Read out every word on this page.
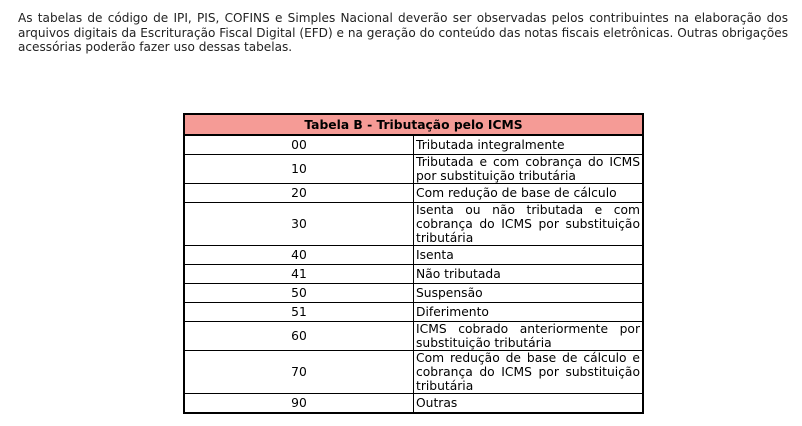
As tabelas de código de IPI, PIS, COFINS e Simples Nacional deverão ser observadas pelos contribuintes na elaboração dos arquivos digitais da Escrituração Fiscal Digital (EFD) e na geração do conteúdo das notas fiscais eletrônicas. Outras obrigações acessórias poderão fazer uso dessas tabelas.

Tabela B - Tributação pelo ICMS	
00	Tributada integralmente
10	Tributada e com cobrança do ICMS por substituição tributária
20	Com redução de base de cálculo
30	Isenta ou não tributada e com cobrança do ICMS por substituição tributária
40	Isenta
41	Não tributada
50	Suspensão
51	Diferimento
60	ICMS cobrado anteriormente por substituição tributária
70	Com redução de base de cálculo e cobrança do ICMS por substituição tributária
90	Outras
